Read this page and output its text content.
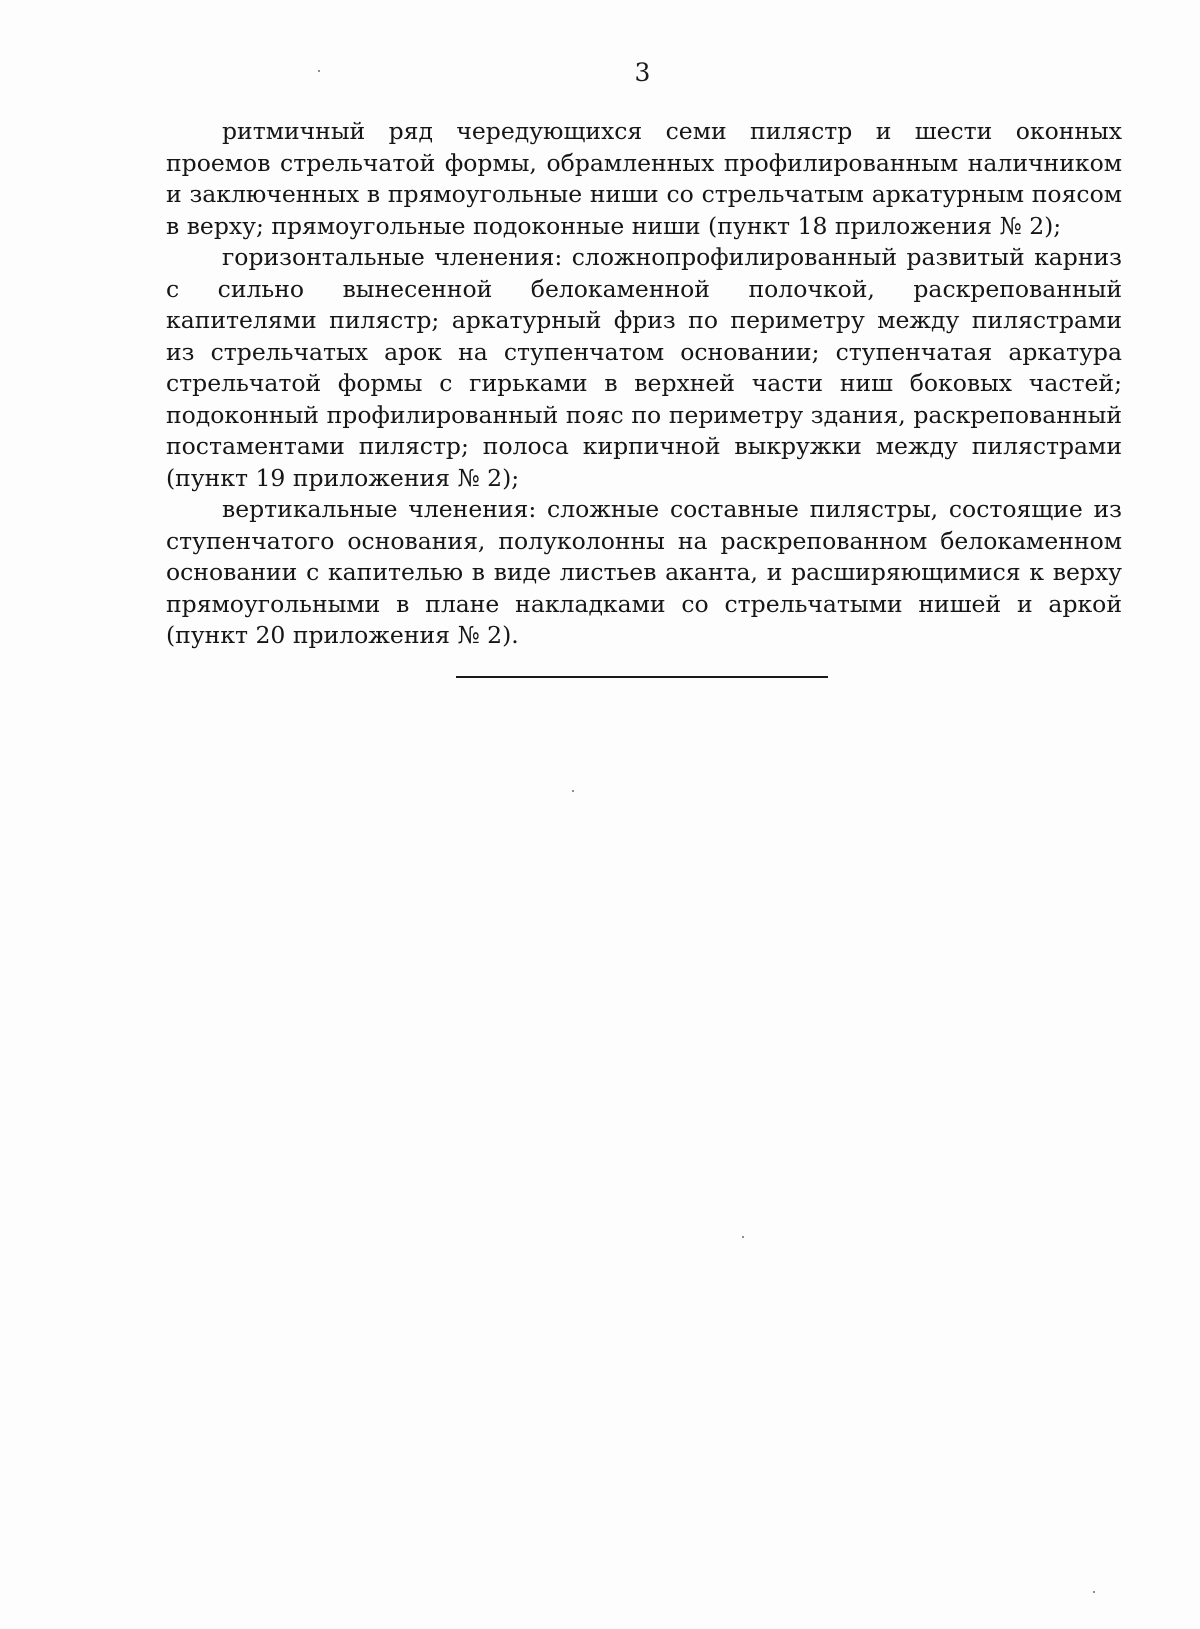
3

ритмичный ряд чередующихся семи пилястр и шести оконных проемов стрельчатой формы, обрамленных профилированным наличником и заключенных в прямоугольные ниши со стрельчатым аркатурным поясом в верху; прямоугольные подоконные ниши (пункт 18 приложения № 2);

горизонтальные членения: сложнопрофилированный развитый карниз с сильно вынесенной белокаменной полочкой, раскрепованный капителями пилястр; аркатурный фриз по периметру между пилястрами из стрельчатых арок на ступенчатом основании; ступенчатая аркатура стрельчатой формы с гирьками в верхней части ниш боковых частей; подоконный профилированный пояс по периметру здания, раскрепованный постаментами пилястр; полоса кирпичной выкружки между пилястрами (пункт 19 приложения № 2);

вертикальные членения: сложные составные пилястры, состоящие из ступенчатого основания, полуколонны на раскрепованном белокаменном основании с капителью в виде листьев аканта, и расширяющимися к верху прямоугольными в плане накладками со стрельчатыми нишей и аркой (пункт 20 приложения № 2).
